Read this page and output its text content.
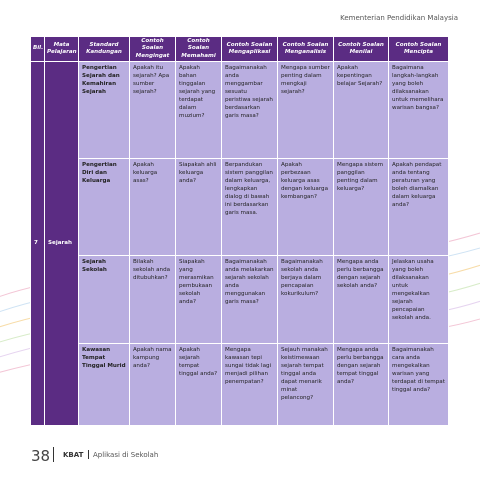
Kementerian Pendidikan Malaysia
Bil.	Mata Pelajaran	Standard Kandungan	Contoh Soalan Mengingat	Contoh Soalan Memahami	Contoh Soalan Mengaplikasi	Contoh Soalan Menganalisis	Contoh Soalan Menilai	Contoh Soalan Mencipta
7	Sejarah	Pengertian Sejarah dan Kemahiran Sejarah	Apakah itu sejarah? Apa sumber sejarah?	Apakah bahan tinggalan sejarah yang terdapat dalam muzium?	Bagaimanakah anda menggambar sesuatu peristiwa sejarah berdasarkan garis masa?	Mengapa sumber penting dalam mengkaji sejarah?	Apakah kepentingan belajar Sejarah?	Bagaimana langkah-langkah yang boleh dilaksanakan untuk memelihara warisan bangsa?
		Pengertian Diri dan Keluarga	Apakah keluarga asas?	Siapakah ahli keluarga anda?	Berpandukan sistem panggilan dalam keluarga, lengkapkan dialog di bawah ini berdasarkan garis masa.	Apakah perbezaan keluarga asas dengan keluarga kembangan?	Mengapa sistem panggilan penting dalam keluarga?	Apakah pendapat anda tentang peraturan yang boleh diamalkan dalam keluarga anda?
		Sejarah Sekolah	Bilakah sekolah anda ditubuhkan?	Siapakah yang merasmikan pembukaan sekolah anda?	Bagaimanakah anda melakarkan sejarah sekolah anda menggunakan garis masa?	Bagaimanakah sekolah anda berjaya dalam pencapaian kokurikulum?	Mengapa anda perlu berbangga dengan sejarah sekolah anda?	Jelaskan usaha yang boleh dilaksanakan untuk mengekalkan sejarah pencapaian sekolah anda.
		Kawasan Tempat Tinggal Murid	Apakah nama kampung anda?	Apakah sejarah tempat tinggal anda?	Mengapa kawasan tepi sungai tidak lagi menjadi pilihan penempatan?	Sejauh manakah keistimewaan sejarah tempat tinggal anda dapat menarik minat pelancong?	Mengapa anda perlu berbangga dengan sejarah tempat tinggal anda?	Bagaimanakah cara anda mengekalkan warisan yang terdapat di tempat tinggal anda?
38 KBAT Aplikasi di Sekolah
